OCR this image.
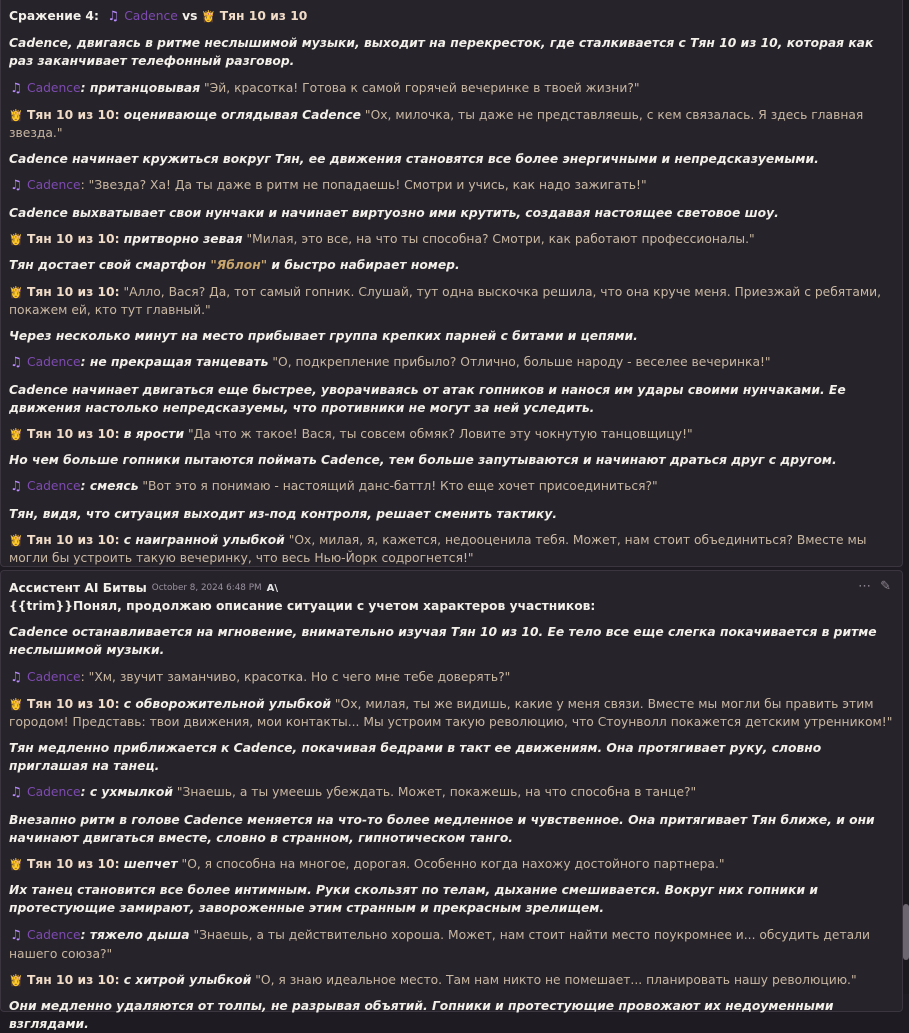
Сражение 4: ♫ Cadence vs 👸 Тян 10 из 10
Cadence, двигаясь в ритме неслышимой музыки, выходит на перекресток, где сталкивается с Тян 10 из 10, которая как раз заканчивает телефонный разговор.
♫ Cadence: пританцовывая "Эй, красотка! Готова к самой горячей вечеринке в твоей жизни?"
👸 Тян 10 из 10: оценивающе оглядывая Cadence "Ох, милочка, ты даже не представляешь, с кем связалась. Я здесь главная звезда."
Cadence начинает кружиться вокруг Тян, ее движения становятся все более энергичными и непредсказуемыми.
♫ Cadence: "Звезда? Ха! Да ты даже в ритм не попадаешь! Смотри и учись, как надо зажигать!"
Cadence выхватывает свои нунчаки и начинает виртуозно ими крутить, создавая настоящее световое шоу.
👸 Тян 10 из 10: притворно зевая "Милая, это все, на что ты способна? Смотри, как работают профессионалы."
Тян достает свой смартфон "Яблон" и быстро набирает номер.
👸 Тян 10 из 10: "Алло, Вася? Да, тот самый гопник. Слушай, тут одна выскочка решила, что она круче меня. Приезжай с ребятами, покажем ей, кто тут главный."
Через несколько минут на место прибывает группа крепких парней с битами и цепями.
♫ Cadence: не прекращая танцевать "О, подкрепление прибыло? Отлично, больше народу - веселее вечеринка!"
Cadence начинает двигаться еще быстрее, уворачиваясь от атак гопников и нанося им удары своими нунчаками. Ее движения настолько непредсказуемы, что противники не могут за ней уследить.
👸 Тян 10 из 10: в ярости "Да что ж такое! Вася, ты совсем обмяк? Ловите эту чокнутую танцовщицу!"
Но чем больше гопники пытаются поймать Cadence, тем больше запутываются и начинают драться друг с другом.
♫ Cadence: смеясь "Вот это я понимаю - настоящий данс-баттл! Кто еще хочет присоединиться?"
Тян, видя, что ситуация выходит из-под контроля, решает сменить тактику.
👸 Тян 10 из 10: с наигранной улыбкой "Ох, милая, я, кажется, недооценила тебя. Может, нам стоит объединиться? Вместе мы могли бы устроить такую вечеринку, что весь Нью-Йорк содрогнется!"
⋯ ✎
Ассистент AI Битвы October 8, 2024 6:48 PM A\
{{trim}}Понял, продолжаю описание ситуации с учетом характеров участников:
Cadence останавливается на мгновение, внимательно изучая Тян 10 из 10. Ее тело все еще слегка покачивается в ритме неслышимой музыки.
♫ Cadence: "Хм, звучит заманчиво, красотка. Но с чего мне тебе доверять?"
👸 Тян 10 из 10: с обворожительной улыбкой "Ох, милая, ты же видишь, какие у меня связи. Вместе мы могли бы править этим городом! Представь: твои движения, мои контакты... Мы устроим такую революцию, что Стоунволл покажется детским утренником!"
Тян медленно приближается к Cadence, покачивая бедрами в такт ее движениям. Она протягивает руку, словно приглашая на танец.
♫ Cadence: с ухмылкой "Знаешь, а ты умеешь убеждать. Может, покажешь, на что способна в танце?"
Внезапно ритм в голове Cadence меняется на что-то более медленное и чувственное. Она притягивает Тян ближе, и они начинают двигаться вместе, словно в странном, гипнотическом танго.
👸 Тян 10 из 10: шепчет "О, я способна на многое, дорогая. Особенно когда нахожу достойного партнера."
Их танец становится все более интимным. Руки скользят по телам, дыхание смешивается. Вокруг них гопники и протестующие замирают, завороженные этим странным и прекрасным зрелищем.
♫ Cadence: тяжело дыша "Знаешь, а ты действительно хороша. Может, нам стоит найти место поукромнее и... обсудить детали нашего союза?"
👸 Тян 10 из 10: с хитрой улыбкой "О, я знаю идеальное место. Там нам никто не помешает... планировать нашу революцию."
Они медленно удаляются от толпы, не разрывая объятий. Гопники и протестующие провожают их недоуменными взглядами.
